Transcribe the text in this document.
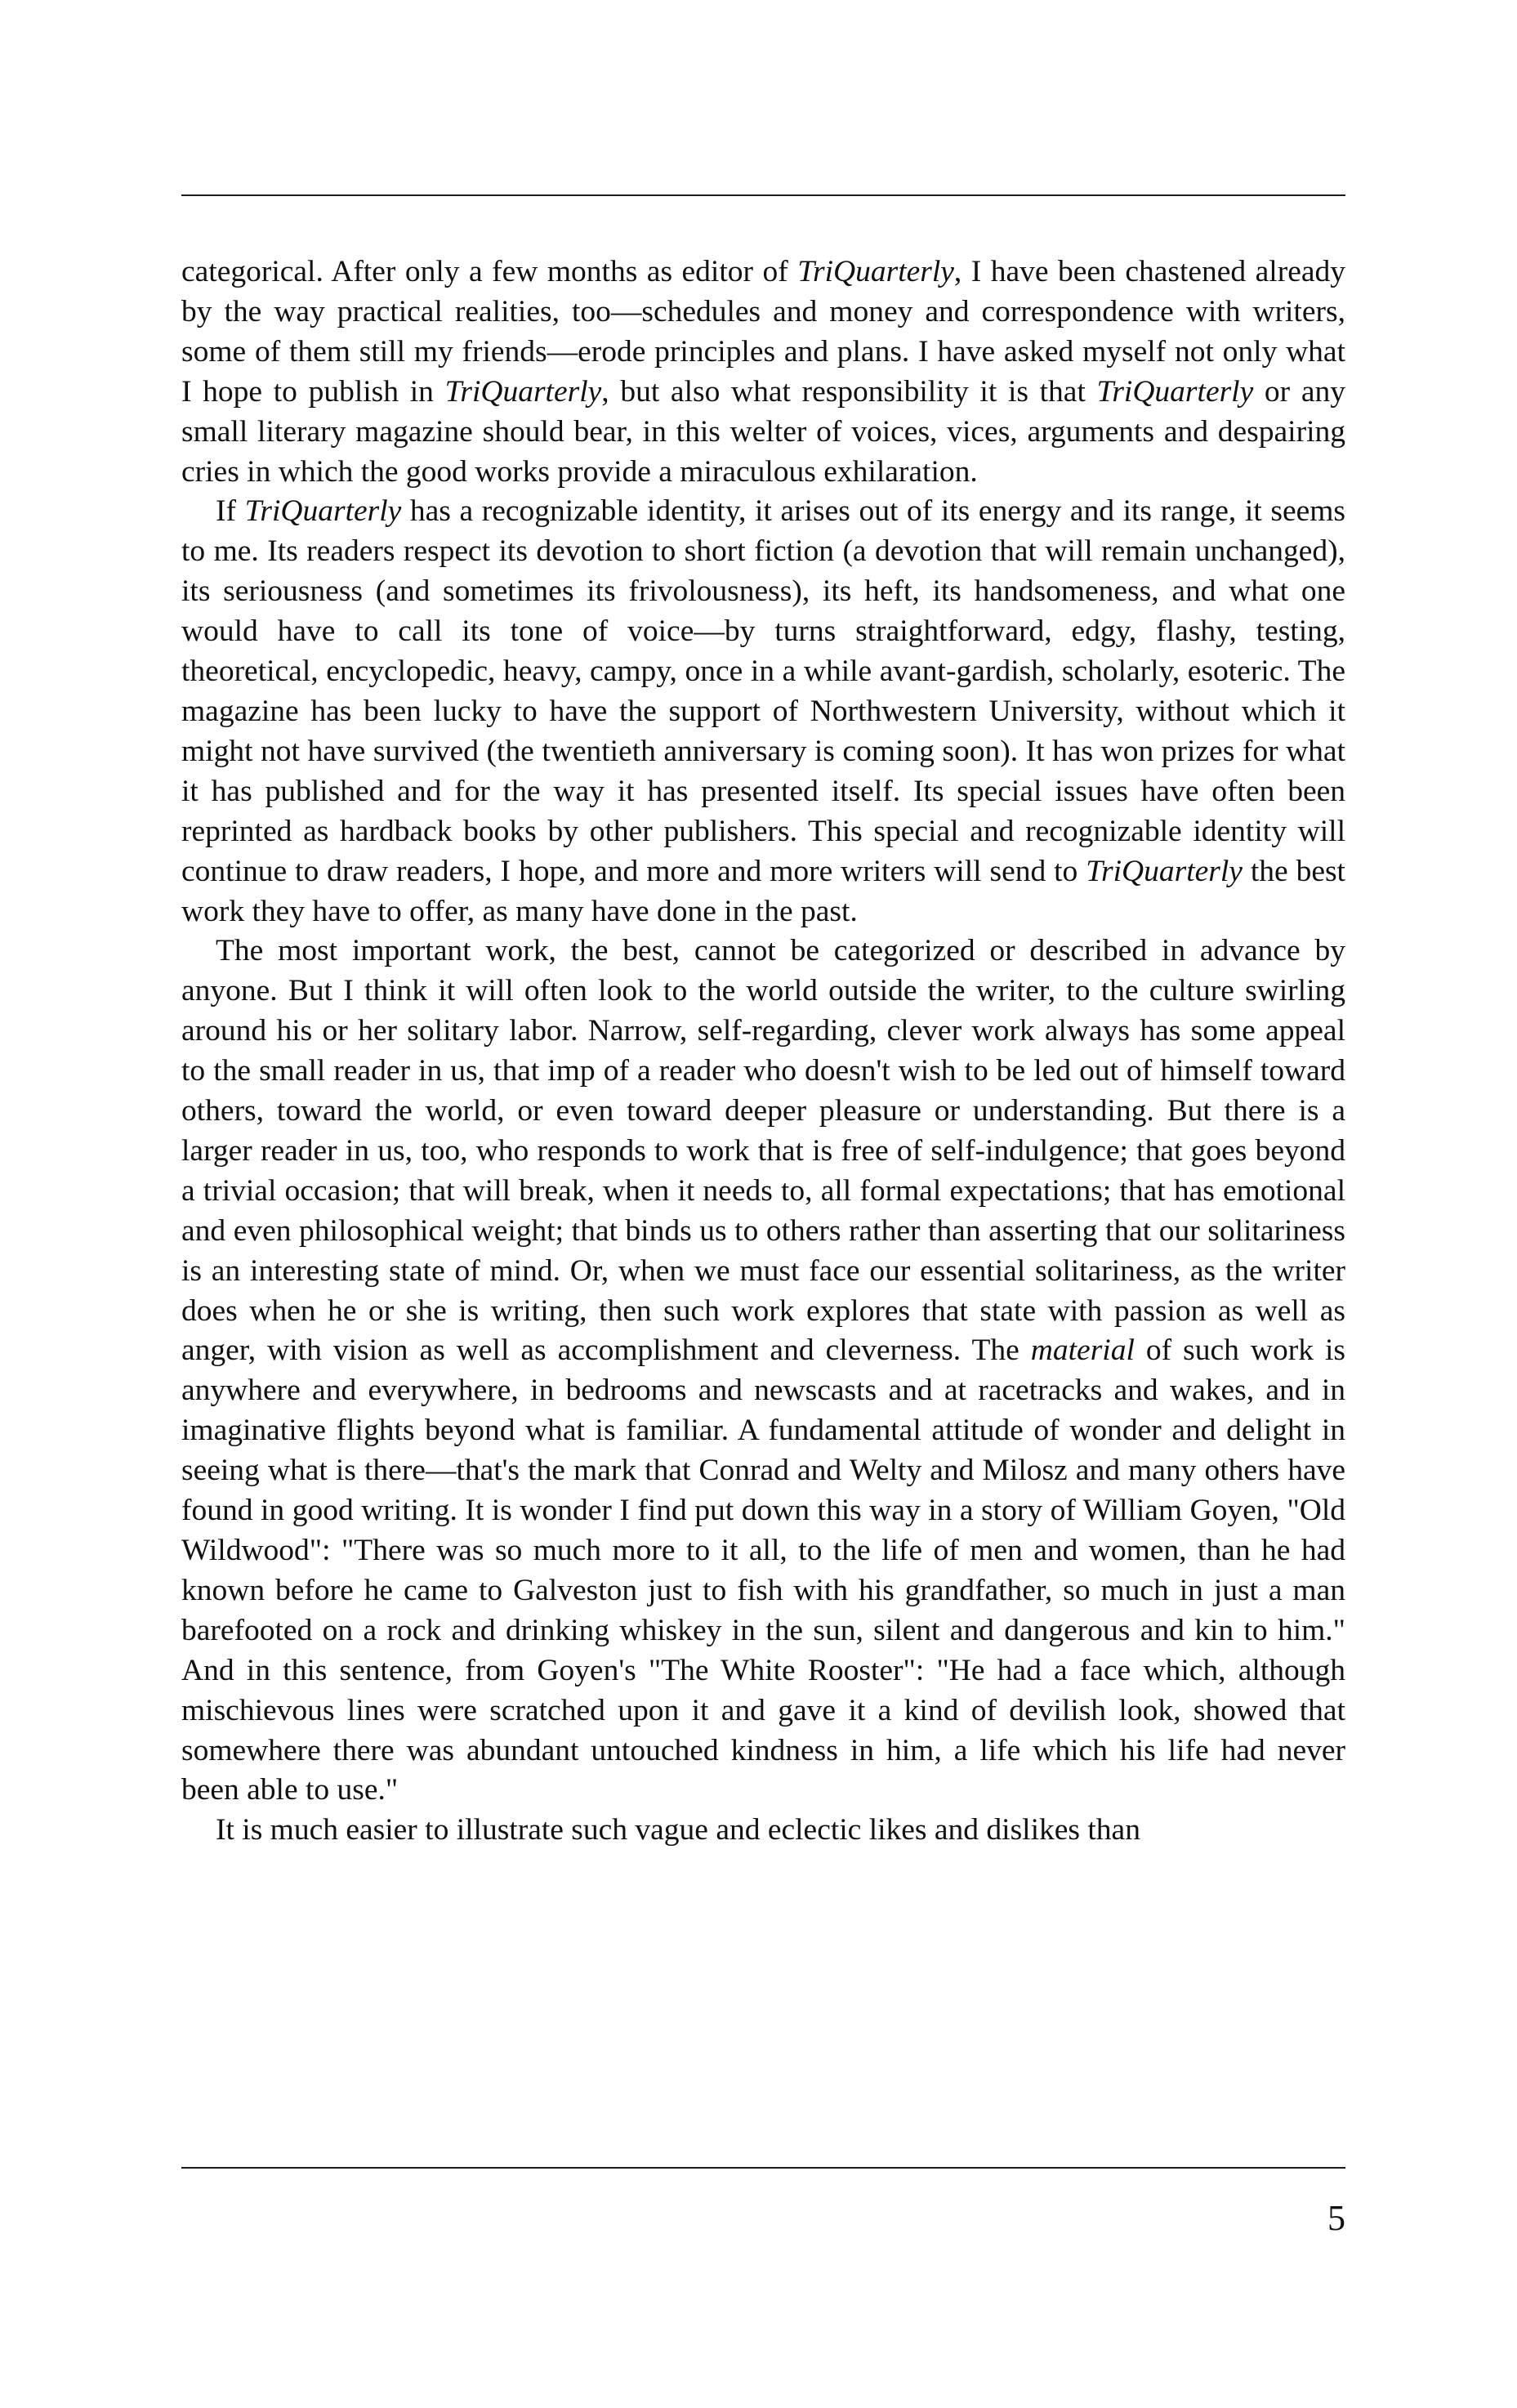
categorical. After only a few months as editor of TriQuarterly, I have been chastened already by the way practical realities, too—schedules and money and correspondence with writers, some of them still my friends—erode principles and plans. I have asked myself not only what I hope to publish in TriQuarterly, but also what responsibility it is that TriQuarterly or any small literary magazine should bear, in this welter of voices, vices, arguments and despairing cries in which the good works provide a miraculous exhilaration.

If TriQuarterly has a recognizable identity, it arises out of its energy and its range, it seems to me. Its readers respect its devotion to short fiction (a devotion that will remain unchanged), its seriousness (and sometimes its frivolousness), its heft, its handsomeness, and what one would have to call its tone of voice—by turns straightforward, edgy, flashy, testing, theoretical, encyclopedic, heavy, campy, once in a while avant-gardish, scholarly, esoteric. The magazine has been lucky to have the support of Northwestern University, without which it might not have survived (the twentieth anniversary is coming soon). It has won prizes for what it has published and for the way it has presented itself. Its special issues have often been reprinted as hardback books by other publishers. This special and recognizable identity will continue to draw readers, I hope, and more and more writers will send to TriQuarterly the best work they have to offer, as many have done in the past.

The most important work, the best, cannot be categorized or described in advance by anyone. But I think it will often look to the world outside the writer, to the culture swirling around his or her solitary labor. Narrow, self-regarding, clever work always has some appeal to the small reader in us, that imp of a reader who doesn't wish to be led out of himself toward others, toward the world, or even toward deeper pleasure or understanding. But there is a larger reader in us, too, who responds to work that is free of self-indulgence; that goes beyond a trivial occasion; that will break, when it needs to, all formal expectations; that has emotional and even philosophical weight; that binds us to others rather than asserting that our solitariness is an interesting state of mind. Or, when we must face our essential solitariness, as the writer does when he or she is writing, then such work explores that state with passion as well as anger, with vision as well as accomplishment and cleverness. The material of such work is anywhere and everywhere, in bedrooms and newscasts and at racetracks and wakes, and in imaginative flights beyond what is familiar. A fundamental attitude of wonder and delight in seeing what is there—that's the mark that Conrad and Welty and Milosz and many others have found in good writing. It is wonder I find put down this way in a story of William Goyen, "Old Wildwood": "There was so much more to it all, to the life of men and women, than he had known before he came to Galveston just to fish with his grandfather, so much in just a man barefooted on a rock and drinking whiskey in the sun, silent and dangerous and kin to him." And in this sentence, from Goyen's "The White Rooster": "He had a face which, although mischievous lines were scratched upon it and gave it a kind of devilish look, showed that somewhere there was abundant untouched kindness in him, a life which his life had never been able to use."

It is much easier to illustrate such vague and eclectic likes and dislikes than

5
